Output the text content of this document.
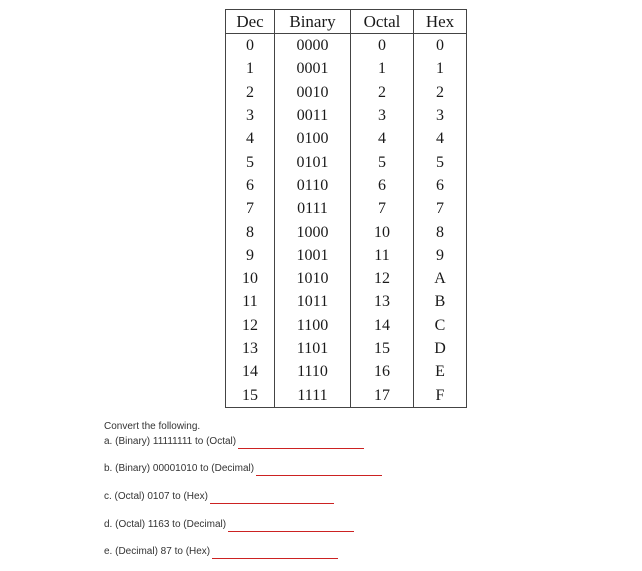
Dec	Binary	Octal	Hex
0	0000	0	0
1	0001	1	1
2	0010	2	2
3	0011	3	3
4	0100	4	4
5	0101	5	5
6	0110	6	6
7	0111	7	7
8	1000	10	8
9	1001	11	9
10	1010	12	A
11	1011	13	B
12	1100	14	C
13	1101	15	D
14	1110	16	E
15	1111	17	F
Convert the following.
a. (Binary) 11111111 to (Octal)
b. (Binary) 00001010 to (Decimal)
c. (Octal) 0107 to (Hex)
d. (Octal) 1163 to (Decimal)
e. (Decimal) 87 to (Hex)
